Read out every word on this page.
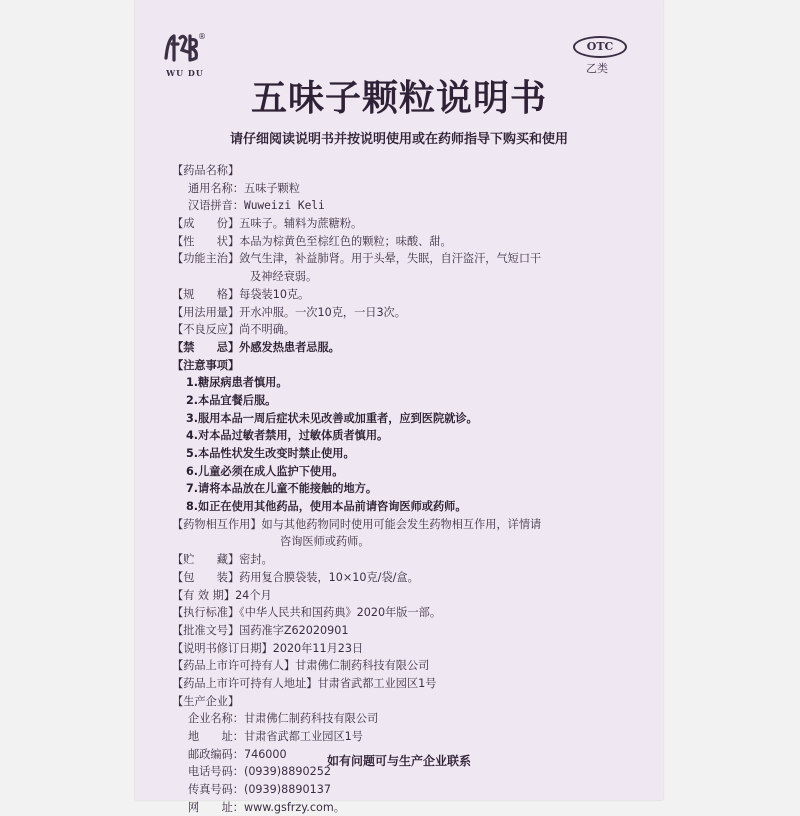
®
WU DU
OTC
乙类
五味子颗粒说明书
请仔细阅读说明书并按说明使用或在药师指导下购买和使用
【药品名称】
通用名称：五味子颗粒
汉语拼音：Wuweizi Keli
【成　　份】五味子。辅料为蔗糖粉。
【性　　状】本品为棕黄色至棕红色的颗粒；味酸、甜。
【功能主治】敛气生津，补益肺肾。用于头晕，失眠，自汗盗汗，气短口干
及神经衰弱。
【规　　格】每袋装10克。
【用法用量】开水冲服。一次10克，一日3次。
【不良反应】尚不明确。
【禁　　忌】外感发热患者忌服。
【注意事项】
1.糖尿病患者慎用。
2.本品宜餐后服。
3.服用本品一周后症状未见改善或加重者，应到医院就诊。
4.对本品过敏者禁用，过敏体质者慎用。
5.本品性状发生改变时禁止使用。
6.儿童必须在成人监护下使用。
7.请将本品放在儿童不能接触的地方。
8.如正在使用其他药品，使用本品前请咨询医师或药师。
【药物相互作用】如与其他药物同时使用可能会发生药物相互作用，详情请
咨询医师或药师。
【贮　　藏】密封。
【包　　装】药用复合膜袋装，10×10克/袋/盒。
【有 效 期】24个月
【执行标准】《中华人民共和国药典》2020年版一部。
【批准文号】国药准字Z62020901
【说明书修订日期】2020年11月23日
【药品上市许可持有人】甘肃佛仁制药科技有限公司
【药品上市许可持有人地址】甘肃省武都工业园区1号
【生产企业】
企业名称：甘肃佛仁制药科技有限公司
地　　址：甘肃省武都工业园区1号
邮政编码：746000
电话号码：(0939)8890252
传真号码：(0939)8890137
网　　址：www.gsfrzy.com。
如有问题可与生产企业联系
